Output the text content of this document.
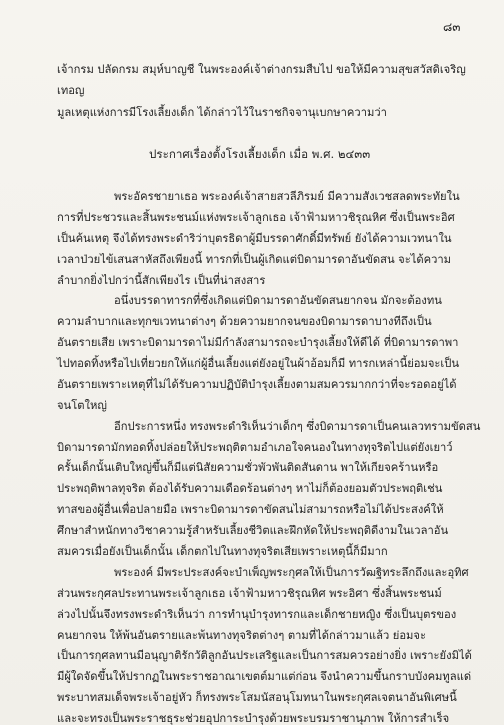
๘๓
เจ้ากรม ปลัดกรม สมุห์บาญชี ในพระองค์เจ้าต่างกรมสืบไป ขอให้มีความสุขสวัสดิเจริญ
เทอญ
มูลเหตุแห่งการมีโรงเลี้ยงเด็ก ได้กล่าวไว้ในราชกิจจานุเบกษาความว่า
ประกาศเรื่องตั้งโรงเลี้ยงเด็ก เมื่อ พ.ศ. ๒๔๓๓
พระอัครชายาเธอ พระองค์เจ้าสายสวลีภิรมย์ มีความสังเวชสลดพระทัยใน
การที่ประชวรและสิ้นพระชนม์แห่งพระเจ้าลูกเธอ เจ้าฟ้ามหาวชิรุณหิศ ซึ่งเป็นพระอิศ
เป็นค้นเหตุ จึงได้ทรงพระดำริว่าบุตรธิดาผู้มีบรรดาศักดิ์มีทรัพย์ ยังได้ความเวทนาใน
เวลาป่วยไข้เสนสาหัสถึงเพียงนี้ ทารกที่เป็นผู้เกิดแต่บิดามารดาอันขัดสน จะได้ความ
ลำบากยิ่งไปกว่านี้สักเพียงไร เป็นที่น่าสงสาร
อนึ่งบรรดาทารกที่ซึ่งเกิดแต่บิดามารดาอันขัดสนยากจน มักจะต้องทน
ความลำบากและทุกขเวทนาต่างๆ ด้วยความยากจนของบิดามารดาบางทีถึงเป็น
อันตรายเสีย เพราะบิดามารดาไม่มีกำลังสามารถจะบำรุงเลี้ยงให้ดีได้ ที่บิดามารดาพา
ไปทอดทิ้งหรือไปเที่ยวยกให้แก่ผู้อื่นเลี้ยงแต่ยังอยู่ในผ้าอ้อมก็มี ทารกเหล่านี้ย่อมจะเป็น
อันตรายเพราะเหตุที่ไม่ได้รับความปฏิบัติบำรุงเลี้ยงตามสมควรมากกว่าที่จะรอดอยู่ได้
จนโตใหญ่
อีกประการหนึ่ง ทรงพระดำริเห็นว่าเด็กๆ ซึ่งบิดามารดาเป็นคนเลวทรามขัดสน
บิดามารดามักทอดทิ้งปล่อยให้ประพฤติตามอำเภอใจคนองในทางทุจริตไปแต่ยังเยาว์
ครั้นเด็กนั้นเติบใหญ่ขึ้นก็มีแต่นิสัยความชั่วพัวพันติดสันดาน พาให้เกียจคร้านหรือ
ประพฤติพาลทุจริต ต้องได้รับความเดือดร้อนต่างๆ หาไม่ก็ต้องยอมตัวประพฤติเช่น
ทาสของผู้อื่นเพื่อปลายมือ เพราะบิดามารดาขัดสนไม่สามารถหรือไม่ได้ประสงค์ให้
ศึกษาสำหนักทางวิชาความรู้สำหรับเลี้ยงชีวิตและฝึกหัดให้ประพฤติดีงามในเวลาอัน
สมควรเมื่อยังเป็นเด็กนั้น เด็กตกไปในทางทุจริตเสียเพราะเหตุนี้ก็มีมาก
พระองค์ มีพระประสงค์จะบำเพ็ญพระกุศลให้เป็นการวัฒฐิทระลึกถึงและอุทิศ
ส่วนพระกุศลประทานพระเจ้าลูกเธอ เจ้าฟ้ามหาวชิรุณหิศ พระอิศา ซึ่งสิ้นพระชนม์
ล่วงไปนั้นจึงทรงพระดำริเห็นว่า การทำนุบำรุงทารกและเด็กชายหญิง ซึ่งเป็นบุตรของ
คนยากจน ให้พ้นอันตรายและพ้นทางทุจริตต่างๆ ตามที่ได้กล่าวมาแล้ว ย่อมจะ
เป็นการกุศลทานมีอนุญาติรักวัติลูกอันประเสริฐและเป็นการสมควรอย่างยิ่ง เพราะยังมิได้
มีผู้ใดจัดขึ้นให้ปรากฏในพระราชอาณาเขตต์มาแต่ก่อน จึงนำความขึ้นกราบบังคมทูลแด่
พระบาทสมเด็จพระเจ้าอยู่หัว ก็ทรงพระโสมนัสอนุโมทนาในพระกุศลเจตนาอันพิเศษนี้
และจะทรงเป็นพระราชธุระช่วยอุปการะบำรุงด้วยพระบรมราชานุภาพ ให้การสำเร็จ
